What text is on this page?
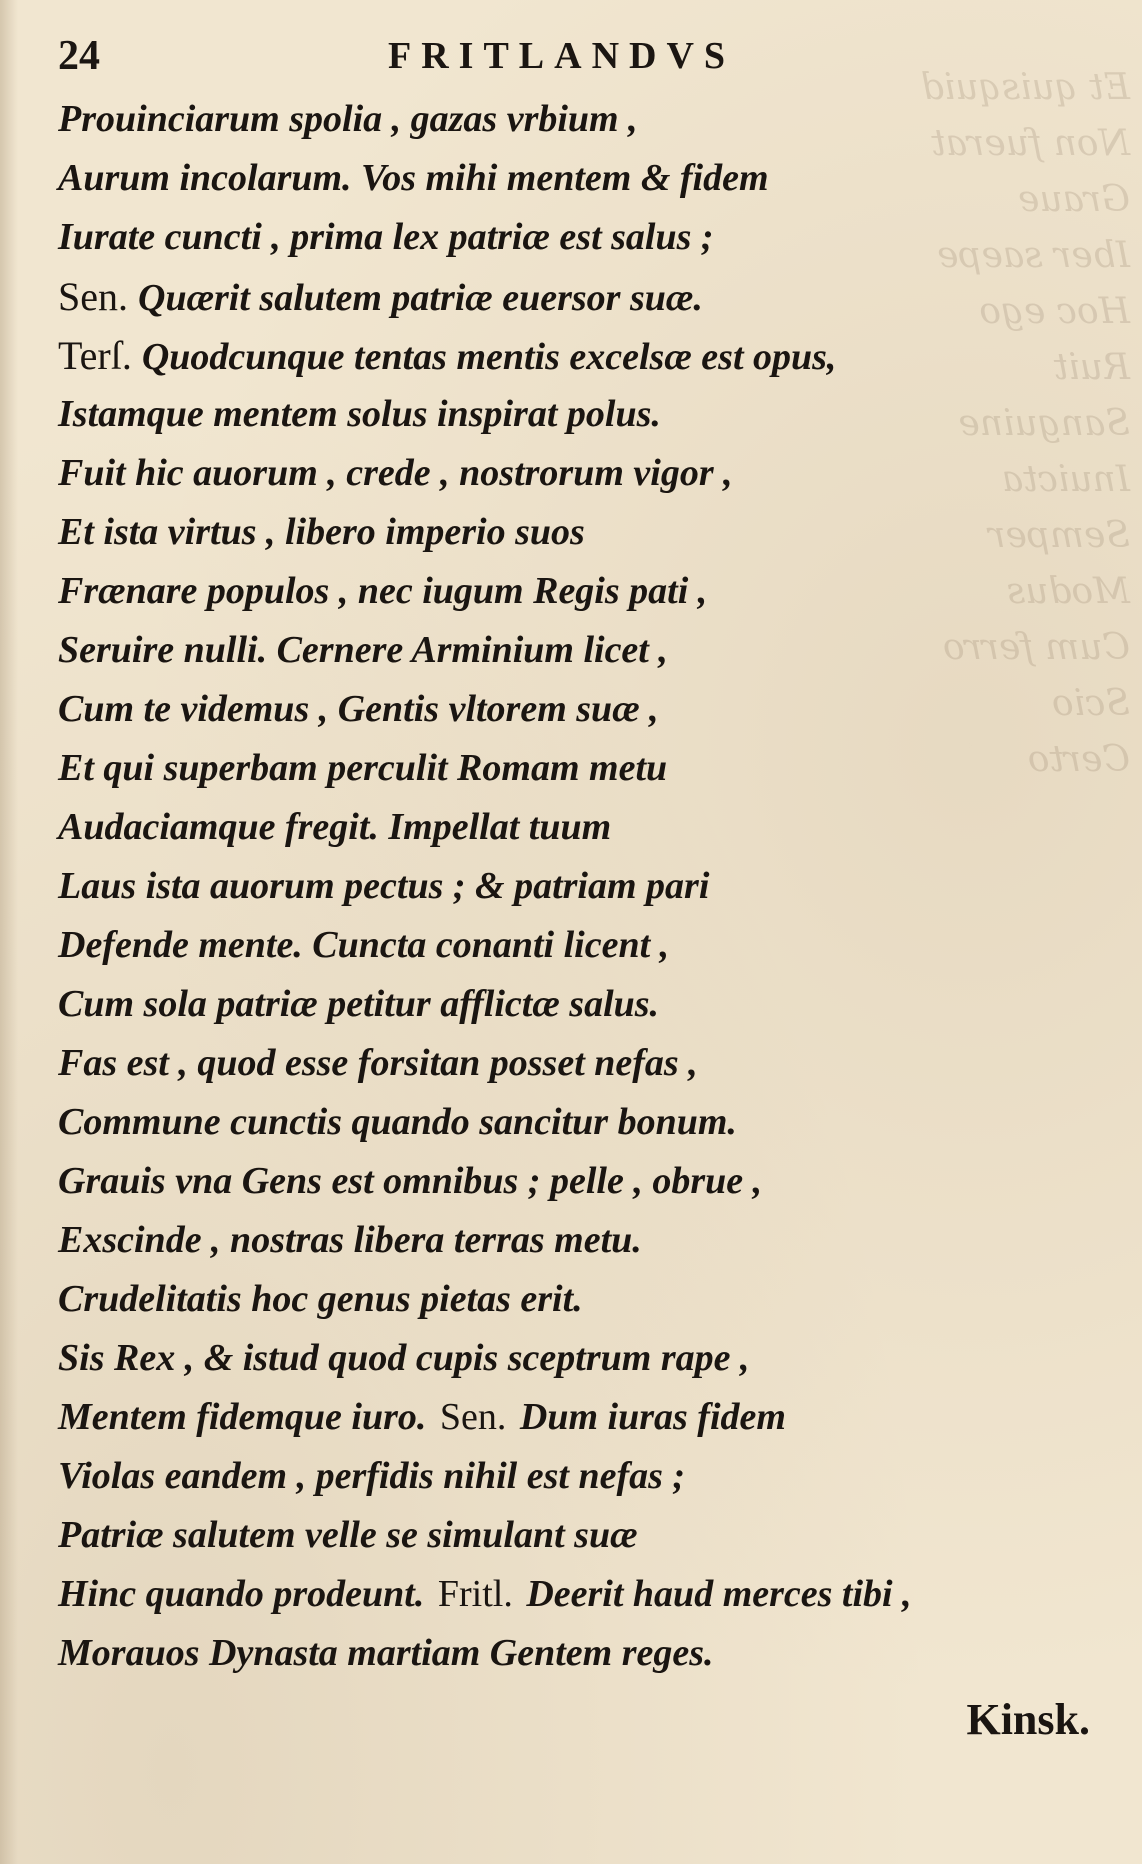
Et quisquid
Non fuerat
Graue
Iber saepe
Hoc ego
Ruit
Sanguine
Inuicta
Semper
Modus
Cum ferro
Scio
Certo
24	FRITLANDVS
Prouinciarum spolia , gazas vrbium ,
Aurum incolarum. Vos mihi mentem & fidem
Iurate cuncti , prima lex patriæ est salus ;
Sen. Quærit salutem patriæ euersor suæ.
Terſ. Quodcunque tentas mentis excelsæ est opus,
Istamque mentem solus inspirat polus.
Fuit hic auorum , crede , nostrorum vigor ,
Et ista virtus , libero imperio suos
Frænare populos , nec iugum Regis pati ,
Seruire nulli. Cernere Arminium licet ,
Cum te videmus , Gentis vltorem suæ ,
Et qui superbam perculit Romam metu
Audaciamque fregit. Impellat tuum
Laus ista auorum pectus ; & patriam pari
Defende mente. Cuncta conanti licent ,
Cum sola patriæ petitur afflictæ salus.
Fas est , quod esse forsitan posset nefas ,
Commune cunctis quando sancitur bonum.
Grauis vna Gens est omnibus ; pelle , obrue ,
Exscinde , nostras libera terras metu.
Crudelitatis hoc genus pietas erit.
Sis Rex , & istud quod cupis sceptrum rape ,
Mentem fidemque iuro. Sen. Dum iuras fidem
Violas eandem , perfidis nihil est nefas ;
Patriæ salutem velle se simulant suæ
Hinc quando prodeunt. Fritl. Deerit haud merces tibi ,
Morauos Dynasta martiam Gentem reges.
Kinsk.
